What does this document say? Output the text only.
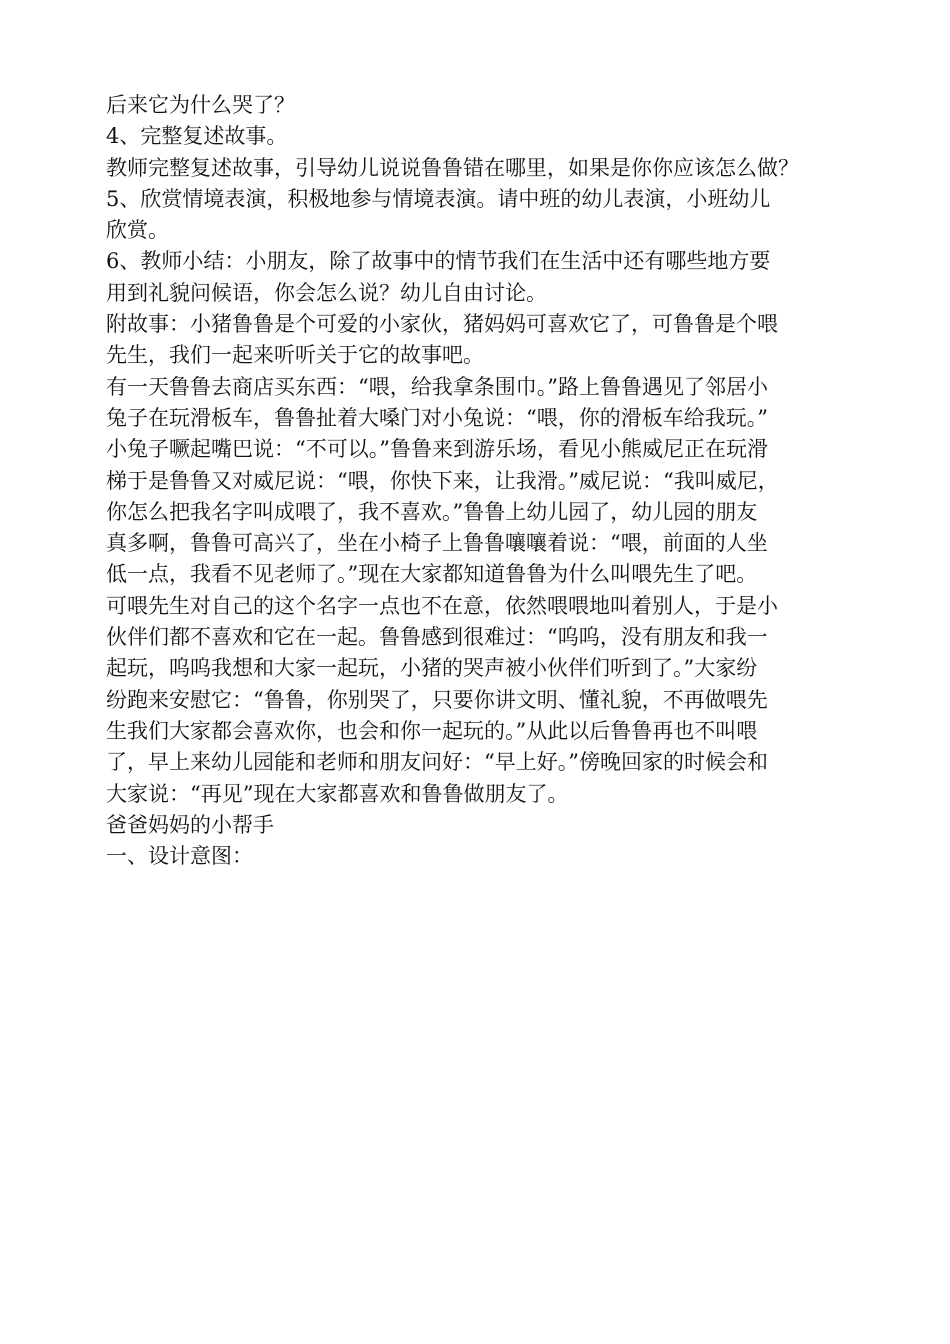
后来它为什么哭了？
4、完整复述故事。
教师完整复述故事，引导幼儿说说鲁鲁错在哪里，如果是你你应该怎么做？
5、欣赏情境表演，积极地参与情境表演。请中班的幼儿表演，小班幼儿
欣赏。
6、教师小结：小朋友，除了故事中的情节我们在生活中还有哪些地方要
用到礼貌问候语，你会怎么说？幼儿自由讨论。
附故事：小猪鲁鲁是个可爱的小家伙，猪妈妈可喜欢它了，可鲁鲁是个喂
先生，我们一起来听听关于它的故事吧。
有一天鲁鲁去商店买东西：“喂，给我拿条围巾。”路上鲁鲁遇见了邻居小
兔子在玩滑板车，鲁鲁扯着大嗓门对小兔说：“喂，你的滑板车给我玩。”
小兔子噘起嘴巴说：“不可以。”鲁鲁来到游乐场，看见小熊威尼正在玩滑
梯于是鲁鲁又对威尼说：“喂，你快下来，让我滑。”威尼说：“我叫威尼，
你怎么把我名字叫成喂了，我不喜欢。”鲁鲁上幼儿园了，幼儿园的朋友
真多啊，鲁鲁可高兴了，坐在小椅子上鲁鲁嚷嚷着说：“喂，前面的人坐
低一点，我看不见老师了。”现在大家都知道鲁鲁为什么叫喂先生了吧。
可喂先生对自己的这个名字一点也不在意，依然喂喂地叫着别人，于是小
伙伴们都不喜欢和它在一起。鲁鲁感到很难过：“呜呜，没有朋友和我一
起玩，呜呜我想和大家一起玩，小猪的哭声被小伙伴们听到了。”大家纷
纷跑来安慰它：“鲁鲁，你别哭了，只要你讲文明、懂礼貌，不再做喂先
生我们大家都会喜欢你，也会和你一起玩的。”从此以后鲁鲁再也不叫喂
了，早上来幼儿园能和老师和朋友问好：“早上好。”傍晚回家的时候会和
大家说：“再见”现在大家都喜欢和鲁鲁做朋友了。
爸爸妈妈的小帮手
一、设计意图：
